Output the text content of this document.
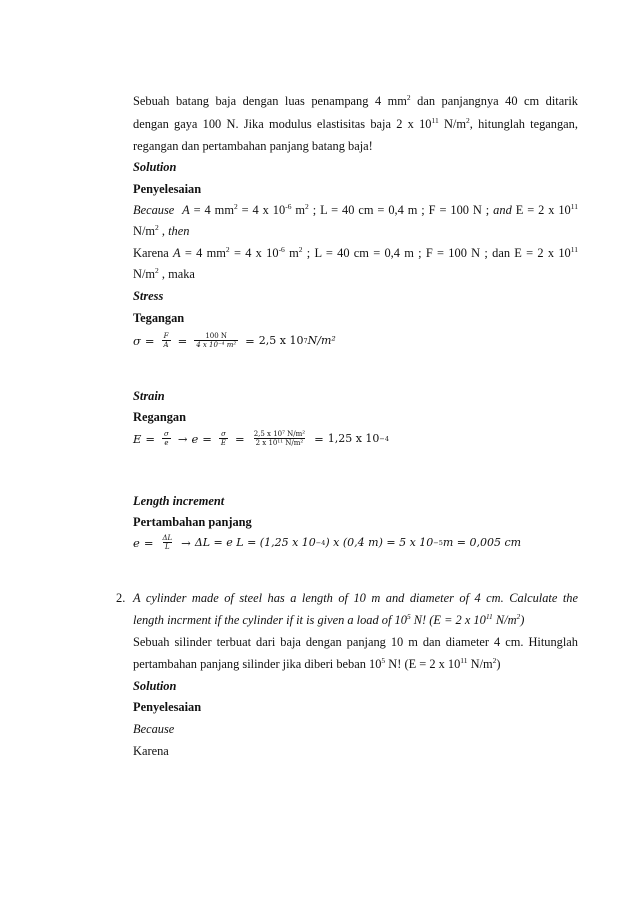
Sebuah batang baja dengan luas penampang 4 $mm^2$ dan panjangnya 40 cm ditarik
dengan gaya 100 N. Jika modulus elastisitas baja 2 x $10^{11}$ $N/m^2$, hitunglah tegangan,
regangan dan pertambahan panjang batang baja!
Solution
Penyelesaian
Because A = 4 $mm^2 = 4$ x $10^{-6}$ $m^2$ ; L = 40 cm = 0,4 m ; F = 100 N ; and E = 2 x $10^{11}$
$N/m^2$ , then
Karena A = 4 $mm^2 = 4$ x $10^{-6}$ $m^2$ ; L = 40 cm = 0,4 m ; F = 100 N ; dan E = 2 x $10^{11}$
$N/m^2$ , maka
Stress
Tegangan
$\sigma = \frac{F}{A} = \frac{100 N}{\text{4 x 10⁻⁴ m²}} = 2,5$ x 10 7 N/m²
Strain
Regangan
$E = \frac{\sigma}{e} \to e = \frac{\sigma}{E} = \frac{\text{2,5 x 10⁷ N/m²}}{\text{2 x 10¹¹ N/m²}} = 1,25$ x 10 −4
Length increment
Pertambahan panjang
$e = \frac{\Delta L}{L} \to \Delta L = e$ L = (1,25 x 10 −4 ) x (0,4 m) = 5 x 10 −5 m = 0,005 cm
2. A cylinder made of steel has a length of 10 m and diameter of 4 cm. Calculate the
length incrment if the cylinder if it is given a load of $10^5$ N! (E = 2 x $10^{11}$ $N/m^2$)
Sebuah silinder terbuat dari baja dengan panjang 10 m dan diameter 4 cm. Hitunglah
pertambahan panjang silinder jika diberi beban $10^5$ N! (E = 2 x $10^{11}$ $N/m^2$)
Solution
Penyelesaian
Because
Karena
